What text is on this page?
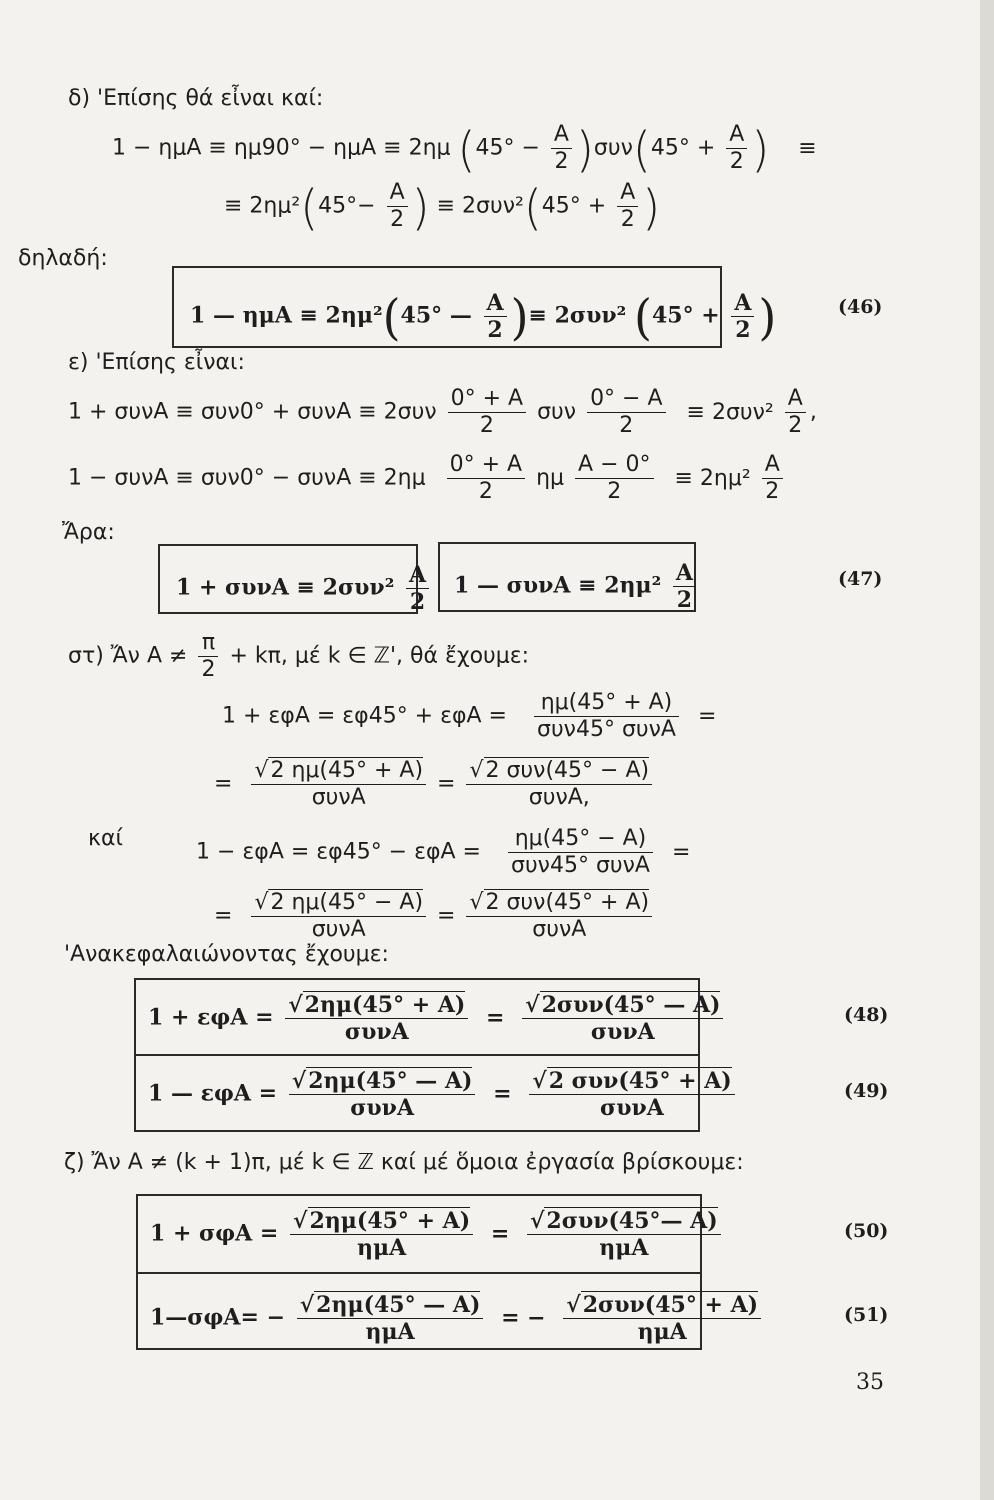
δ) 'Επίσης θά εἶναι καί:
1 − ημΑ ≡ ημ90° − ημΑ ≡ 2ημ $(45^\circ - \frac{A}{2} )\sigma\upsilon\nu(45^\circ + \frac{A}{2}$ ) ≡
≡ $2\eta\mu^2(45^\circ- \frac{A}{2}$ ) ≡ $2\sigma\upsilon\nu^2(45^\circ + \frac{A}{2}$ )
δηλαδή:
1 — ημΑ ≡ 2ημ²(45° — $\frac{A}{2}$ )≡ 2συν² ($45^\circ + \frac{A}{2}$ )	(46)
ε) 'Επίσης εἶναι:
$1 + \sigma\upsilon\nu A \equiv \sigma\upsilon\nu 0^\circ + \sigma\upsilon\nu A \equiv 2\sigma\upsilon\nu \frac{0^\circ + A}{2}$ συν $\frac{0^\circ - A}{2} \equiv 2\sigma\upsilon\nu^2 \frac{A}{2}$ ,
$1 - \sigma\upsilon\nu A \equiv \sigma\upsilon\nu 0^\circ - \sigma\upsilon\nu A \equiv 2\eta\mu \frac{0^\circ + A}{2}$ ημ $\frac{A - 0^\circ}{2} \equiv 2\eta\mu^2 \frac{A}{2}$
Ἄρα:
$1 + \sigma\upsilon\nu A \equiv 2\sigma\upsilon\nu^2 \frac{A}{2} 1$ — $\sigma\upsilon\nu A \equiv 2\eta\mu^2 \frac{A}{2}$	(47)
στ) Ἄν $A \ne \frac{\pi}{2} + k\pi$, μέ k ∈ ℤ', θά ἔχουμε:
$1 + \varepsilon\varphi A = \varepsilon\varphi 45^\circ + \varepsilon\varphi A = \frac{\eta\mu(45^\circ + A)}{\text{συν45° συνΑ}}$ =
= $\frac{√2 \eta\mu(45^\circ + A)}{\text{συνΑ}} = \frac{\text{√2 συν(45° − Α)}}{\text{συνΑ,}}$
καί
$1 - \varepsilon\varphi A = \varepsilon\varphi 45^\circ - \varepsilon\varphi A = \frac{\eta\mu(45^\circ - A)}{\text{συν45° συνΑ}}$ =
= $\frac{√2 \eta\mu(45^\circ - A)}{\text{συνΑ}} = \frac{\text{√2 συν(45° + Α)}}{\text{συνΑ}}$
'Ανακεφαλαιώνοντας ἔχουμε:
$1 + \varepsilon\varphi A = \frac{√2\eta\mu(45^\circ + A)}{\text{συνΑ}} = \frac{\text{√2συν(45° — Α)}}{\text{συνΑ}}$	(48)
1 — $\varepsilon\varphi A = \frac{√2\eta\mu(45^\circ — A)}{\text{συνΑ}} = \frac{\text{√2 συν(45° + Α)}}{\text{συνΑ}}$	(49)
ζ) Ἄν Α ≠ (k + 1)π, μέ k ∈ ℤ καί μέ ὅμοια ἐργασία βρίσκουμε:
$1 + \sigma\varphi A = \frac{√2\eta\mu(45^\circ + A)}{\text{ημΑ}} = \frac{\text{√2συν(45°— Α)}}{\text{ημΑ}}$	(50)
1—σφΑ= − $\frac{√2\eta\mu(45^\circ — A)}{\text{ημΑ}}$ = − $\frac{\text{√2συν(45° + Α)}}{\text{ημΑ}}$	(51)
35
